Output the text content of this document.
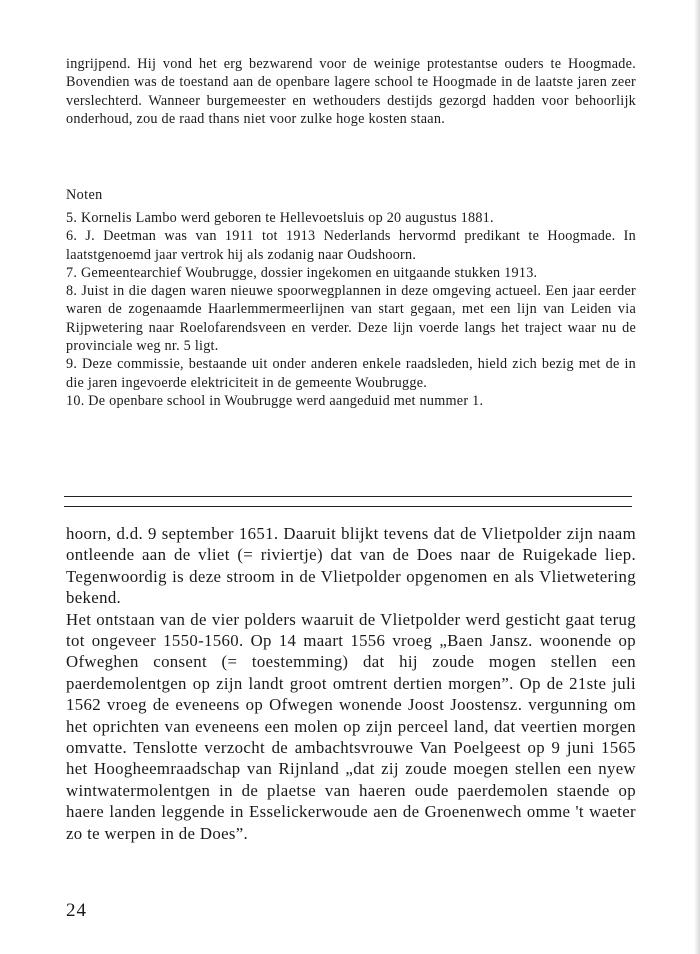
ingrijpend. Hij vond het erg bezwarend voor de weinige protestantse ouders te Hoogmade. Bovendien was de toestand aan de openbare lagere school te Hoogmade in de laatste jaren zeer verslechterd. Wanneer burgemeester en wethouders destijds gezorgd hadden voor behoorlijk onderhoud, zou de raad thans niet voor zulke hoge kosten staan.

Noten

5. Kornelis Lambo werd geboren te Hellevoetsluis op 20 augustus 1881.

6. J. Deetman was van 1911 tot 1913 Nederlands hervormd predikant te Hoogmade. In laatstgenoemd jaar vertrok hij als zodanig naar Oudshoorn.

7. Gemeentearchief Woubrugge, dossier ingekomen en uitgaande stukken 1913.

8. Juist in die dagen waren nieuwe spoorwegplannen in deze omgeving actueel. Een jaar eerder waren de zogenaamde Haarlemmermeerlijnen van start gegaan, met een lijn van Leiden via Rijpwetering naar Roelofarendsveen en verder. Deze lijn voerde langs het traject waar nu de provinciale weg nr. 5 ligt.

9. Deze commissie, bestaande uit onder anderen enkele raadsleden, hield zich bezig met de in die jaren ingevoerde elektriciteit in de gemeente Woubrugge.

10. De openbare school in Woubrugge werd aangeduid met nummer 1.

hoorn, d.d. 9 september 1651. Daaruit blijkt tevens dat de Vlietpolder zijn naam ontleende aan de vliet (= riviertje) dat van de Does naar de Ruigekade liep. Tegenwoordig is deze stroom in de Vlietpolder opgenomen en als Vlietwetering bekend.

Het ontstaan van de vier polders waaruit de Vlietpolder werd gesticht gaat terug tot ongeveer 1550-1560. Op 14 maart 1556 vroeg „Baen Jansz. woonende op Ofweghen consent (= toestemming) dat hij zoude mogen stellen een paerdemolentgen op zijn landt groot omtrent dertien morgen”. Op de 21ste juli 1562 vroeg de eveneens op Ofwegen wonende Joost Joostensz. vergunning om het oprichten van eveneens een molen op zijn perceel land, dat veertien morgen omvatte. Tenslotte verzocht de ambachtsvrouwe Van Poelgeest op 9 juni 1565 het Hoogheemraadschap van Rijnland „dat zij zoude moegen stellen een nyew wintwatermolentgen in de plaetse van haeren oude paerdemolen staende op haere landen leggende in Esselickerwoude aen de Groenenwech omme 't waeter zo te werpen in de Does”.

24
